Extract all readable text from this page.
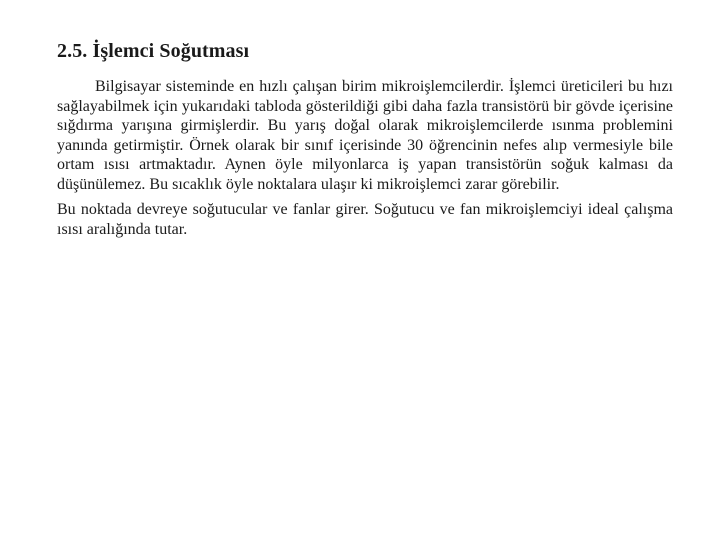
2.5. İşlemci Soğutması

Bilgisayar sisteminde en hızlı çalışan birim mikroişlemcilerdir. İşlemci üreticileri bu hızı sağlayabilmek için yukarıdaki tabloda gösterildiği gibi daha fazla transistörü bir gövde içerisine sığdırma yarışına girmişlerdir. Bu yarış doğal olarak mikroişlemcilerde ısınma problemini yanında getirmiştir. Örnek olarak bir sınıf içerisinde 30 öğrencinin nefes alıp vermesiyle bile ortam ısısı artmaktadır. Aynen öyle milyonlarca iş yapan transistörün soğuk kalması da düşünülemez. Bu sıcaklık öyle noktalara ulaşır ki mikroişlemci zarar görebilir.

Bu noktada devreye soğutucular ve fanlar girer. Soğutucu ve fan mikroişlemciyi ideal çalışma ısısı aralığında tutar.
